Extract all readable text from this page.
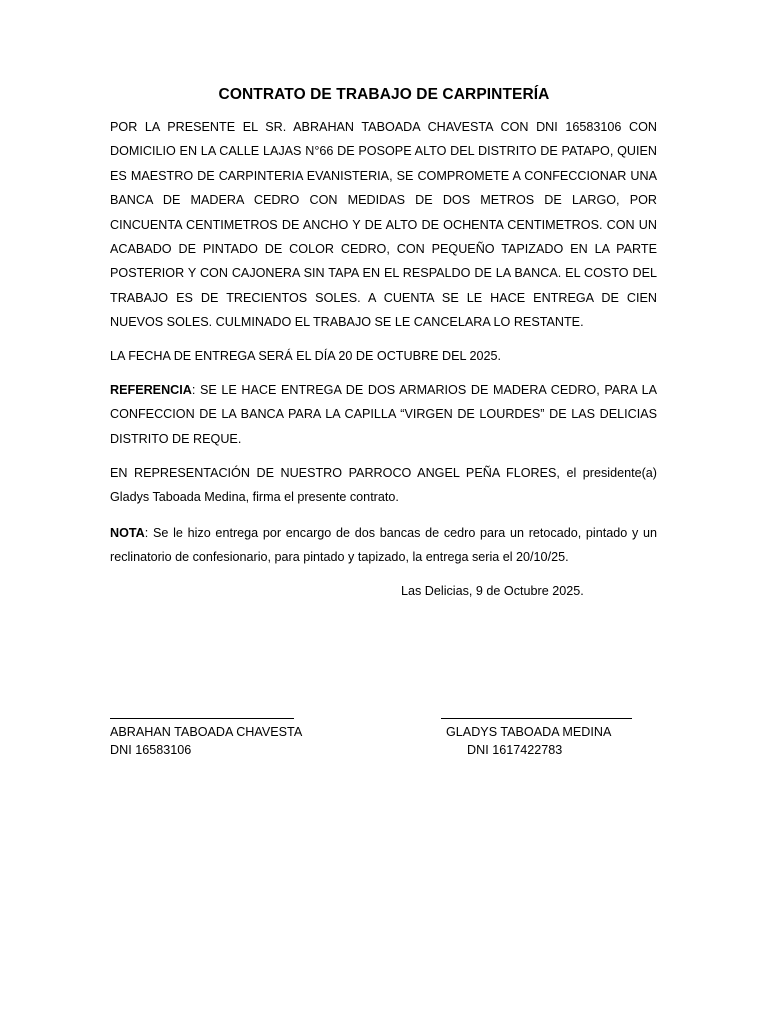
CONTRATO DE TRABAJO DE CARPINTERÍA

POR LA PRESENTE EL SR. ABRAHAN TABOADA CHAVESTA CON DNI 16583106 CON DOMICILIO EN LA CALLE LAJAS N°66 DE POSOPE ALTO DEL DISTRITO DE PATAPO, QUIEN ES MAESTRO DE CARPINTERIA EVANISTERIA, SE COMPROMETE A CONFECCIONAR UNA BANCA DE MADERA CEDRO CON MEDIDAS DE DOS METROS DE LARGO, POR CINCUENTA CENTIMETROS DE ANCHO Y DE ALTO DE OCHENTA CENTIMETROS. CON UN ACABADO DE PINTADO DE COLOR CEDRO, CON PEQUEÑO TAPIZADO EN LA PARTE POSTERIOR Y CON CAJONERA SIN TAPA EN EL RESPALDO DE LA BANCA. EL COSTO DEL TRABAJO ES DE TRECIENTOS SOLES. A CUENTA SE LE HACE ENTREGA DE CIEN NUEVOS SOLES. CULMINADO EL TRABAJO SE LE CANCELARA LO RESTANTE.

LA FECHA DE ENTREGA SERÁ EL DÍA 20 DE OCTUBRE DEL 2025.

REFERENCIA: SE LE HACE ENTREGA DE DOS ARMARIOS DE MADERA CEDRO, PARA LA CONFECCION DE LA BANCA PARA LA CAPILLA “VIRGEN DE LOURDES” DE LAS DELICIAS DISTRITO DE REQUE.

EN REPRESENTACIÓN DE NUESTRO PARROCO ANGEL PEÑA FLORES, el presidente(a) Gladys Taboada Medina, firma el presente contrato.

NOTA: Se le hizo entrega por encargo de dos bancas de cedro para un retocado, pintado y un reclinatorio de confesionario, para pintado y tapizado, la entrega seria el 20/10/25.

Las Delicias, 9 de Octubre 2025.
ABRAHAN TABOADA CHAVESTA
DNI 16583106
GLADYS TABOADA MEDINA
DNI 1617422783
